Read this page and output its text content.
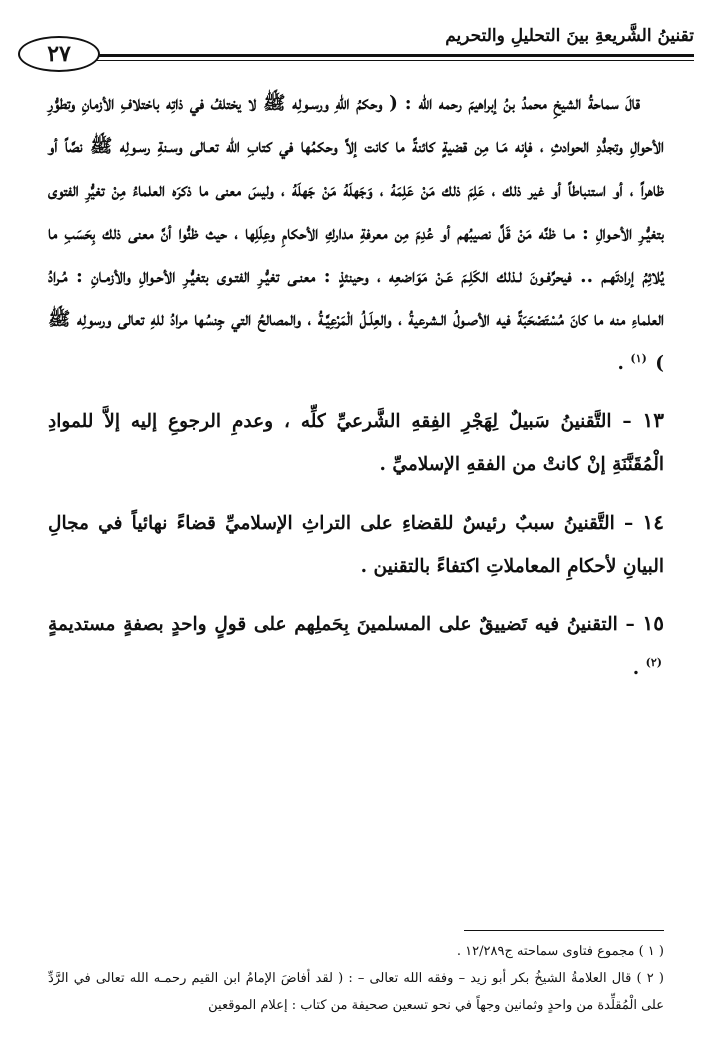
تقنينُ الشَّريعةِ بينَ التحليلِ والتحريم
٢٧

قالَ سماحةُ الشيخِ محمدُ بنُ إبراهيمَ رحمه الله : ( وحكمُ اللهِ ورسـولِه ﷺ لا يختلفُ في ذاتِه باختلافِ الأزمانِ وتطوُّرِ الأحوالِ وتجدُّدِ الحوادثِ ، فإنه مَـا مِن قضيةٍ كائنةً ما كانت إلاَّ وحكمُها في كتابِ الله تعـالى وسـنةِ رسـولِه ﷺ نصَّاً أو ظاهراً ، أو استنباطاً أو غير ذلك ، عَلِمَ ذلك مَنْ عَلِمَهُ ، وَجَهلَهُ مَنْ جَهلَهُ ، وليسَ معنى ما ذكرَه العلماءُ مِنْ تغيُّرِ الفتوى بتغيُّـرِ الأحـوالِ : مـا ظنَّه مَنْ قَلَّ نصيبُهم أو عُدِمَ مِن معرفةِ مداركِ الأحكامِ وعِلَلِها ، حيث ظنُّوا أنَّ معنى ذلك بِحَسَبِ ما يُلائِمُ إرادتَهـم .. فيحرِّفـونَ لـذلك الكَلِـمَ عَـنْ مَوَاضعِه ، وحينئذٍ : معنـى تغيُّـرِ الفتـوى بتغيُّـرِ الأحـوالِ والأزمـانِ : مُـرادُ العلماءِ منه ما كانَ مُسْتَصْحَبَةً فيه الأصـولُ الـشرعيةُ ، والعِلَـلُ الْمَرْعِيَّـةُ ، والمصالحُ التي جِنسُها مرادُ للهِ تعالى ورسولِه ﷺ ) $^{(١)}$ .

١٣ – التَّقنينُ سَبيلٌ لِهَجْرِ الفِقهِ الشَّرعيِّ كلِّه ، وعدمِ الرجوعِ إليه إلاَّ للموادِ الْمُقَنَّنَةِ إنْ كانتْ من الفقهِ الإسلاميِّ .

١٤ – التَّقنينُ سببٌ رئيسٌ للقضاءِ على التراثِ الإسلاميِّ قضاءً نهائياً في مجالِ البيانِ لأحكامِ المعاملاتِ اكتفاءً بالتقنين .

١٥ – التقنينُ فيه تَضييقٌ على المسلمينَ بِحَملِهم على قولٍ واحدٍ بصفةٍ مستديمةٍ $^{(٢)}$ .

( ١ ) مجموع فتاوى سماحته ج١٢/٢٨٩ .

( ٢ ) قال العلامةُ الشيخُ بكر أبو زيد – وفقه الله تعالى – : ( لقد أفاضَ الإمامُ ابن القيم رحمـه الله تعالى في الرَّدِّ على الْمُقلِّدة من واحدٍ وثمانين وجهاً في نحو تسعين صحيفة من كتاب : إعلام الموقعين
